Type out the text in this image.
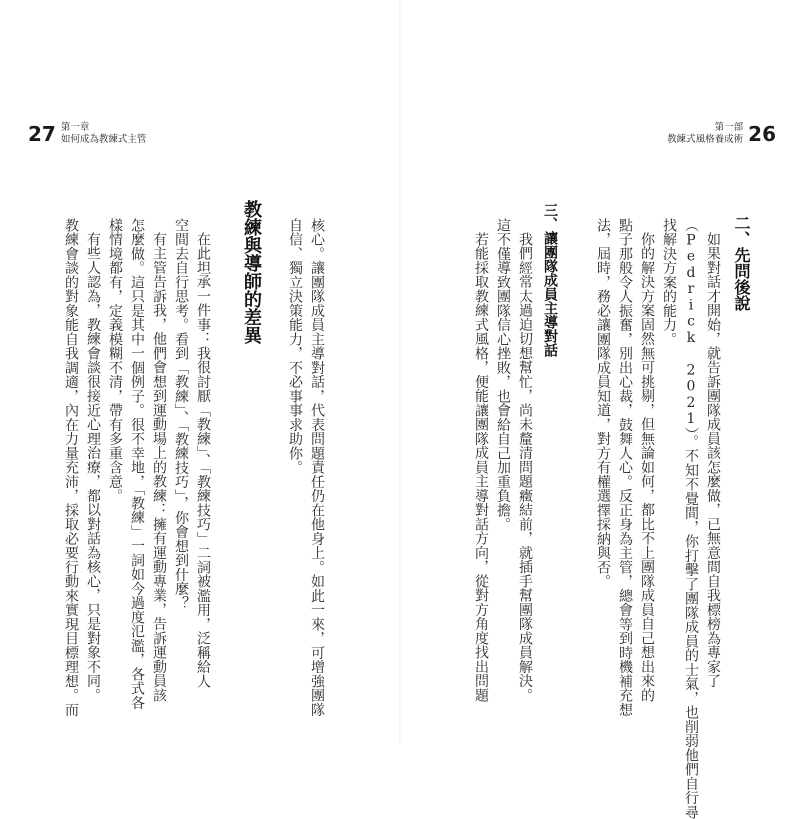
27 第一章
如何成為教練式主管
第一部
教練式風格養成術 26
二、先問後說
如果對話才開始，就告訴團隊成員該怎麼做，已無意間自我標榜為專家了
（Pedrick 2021）。不知不覺間，你打擊了團隊成員的士氣，也削弱他們自行尋
找解決方案的能力。
你的解決方案固然無可挑剔，但無論如何，都比不上團隊成員自己想出來的
點子那般令人振奮，別出心裁，鼓舞人心。反正身為主管，總會等到時機補充想
法，屆時，務必讓團隊成員知道，對方有權選擇採納與否。
三、讓團隊成員主導對話
我們經常太過迫切想幫忙，尚未釐清問題癥結前，就插手幫團隊成員解決。
這不僅導致團隊信心挫敗，也會給自己加重負擔。
若能採取教練式風格，便能讓團隊成員主導對話方向，從對方角度找出問題
核心。讓團隊成員主導對話，代表問題責任仍在他身上。如此一來，可增強團隊
自信、獨立決策能力，不必事事求助你。
教練與導師的差異
在此坦承一件事：我很討厭「教練」、「教練技巧」二詞被濫用，泛稱給人
空間去自行思考。看到「教練」、「教練技巧」，你會想到什麼？
有主管告訴我，他們會想到運動場上的教練：擁有運動專業，告訴運動員該
怎麼做。這只是其中一個例子。很不幸地，「教練」一詞如今過度氾濫，各式各
樣情境都有，定義模糊不清，帶有多重含意。
有些人認為，教練會談很接近心理治療，都以對話為核心，只是對象不同。
教練會談的對象能自我調適，內在力量充沛，採取必要行動來實現目標理想。而
